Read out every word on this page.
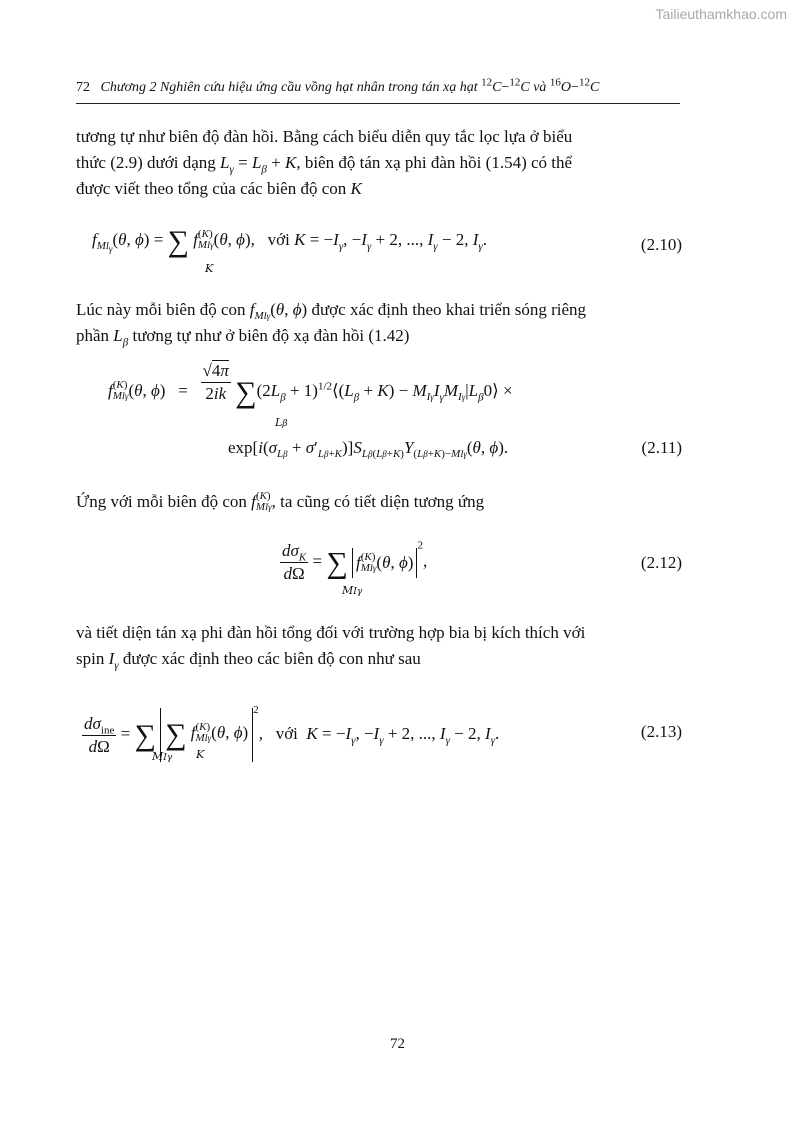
Tailieuthamkhao.com
72 Chương 2 Nghiên cứu hiệu ứng cầu vồng hạt nhân trong tán xạ hạt $^{12}$C−$^{12}$C và $^{16}$O−$^{12}$C
tương tự như biên độ đàn hồi. Bằng cách biểu diễn quy tắc lọc lựa ở biểu
thức (2.9) dưới dạng $L_\gamma = L_\beta + K$, biên độ tán xạ phi đàn hồi (1.54) có thể
được viết theo tổng của các biên độ con K
$f_{MI_\gamma}(\theta$, ϕ) = ∑ f (K)
MIγ (θ, ϕ),   với $K = -I_\gamma$, $-I_\gamma + 2$, ..., $I_\gamma - 2$, $I_\gamma$.
K
(2.10)
Lúc này mỗi biên độ con $f_{MI\gamma}(\theta$, ϕ) được xác định theo khai triển sóng riêng
phần $L_\beta$ tương tự như ở biên độ xạ đàn hồi (1.42)
f (K)
MIγ (θ, $\phi) = \frac{√4\pi}{2ik} \sum(2L_\beta$ + $1)^{1/2}⟨(L_\beta + K)$ − $M_{I\gamma}I_\gamma M_{I\gamma}|L_\beta 0⟩$ ×
Lβ
$\exp[i(\sigma_{L\beta} + \sigma'_{L\beta+K})]S_{L\beta(L\beta+K)}Y_{(L\beta+K)-MI\gamma}(\theta$, ϕ).	(2.11)
Ứng với mỗi biên độ con f (K)
MIγ , ta cũng có tiết diện tương ứng
$\frac{d\sigma_K}{d\Omega}$ = ∑ f (K)
MIγ (θ, ϕ)$^2$,
MIγ
(2.12)
và tiết diện tán xạ phi đàn hồi tổng đối với trường hợp bia bị kích thích với
spin $I_\gamma$ được xác định theo các biên độ con như sau
$\frac{d\sigma_{ine}}{d\Omega}$ = ∑ ∑ f (K)
MIγ (θ, ϕ)$^2$,   với $K = -I_\gamma$, $-I_\gamma + 2$, ..., $I_\gamma - 2$, $I_\gamma$.
MIγ K
(2.13)
72
